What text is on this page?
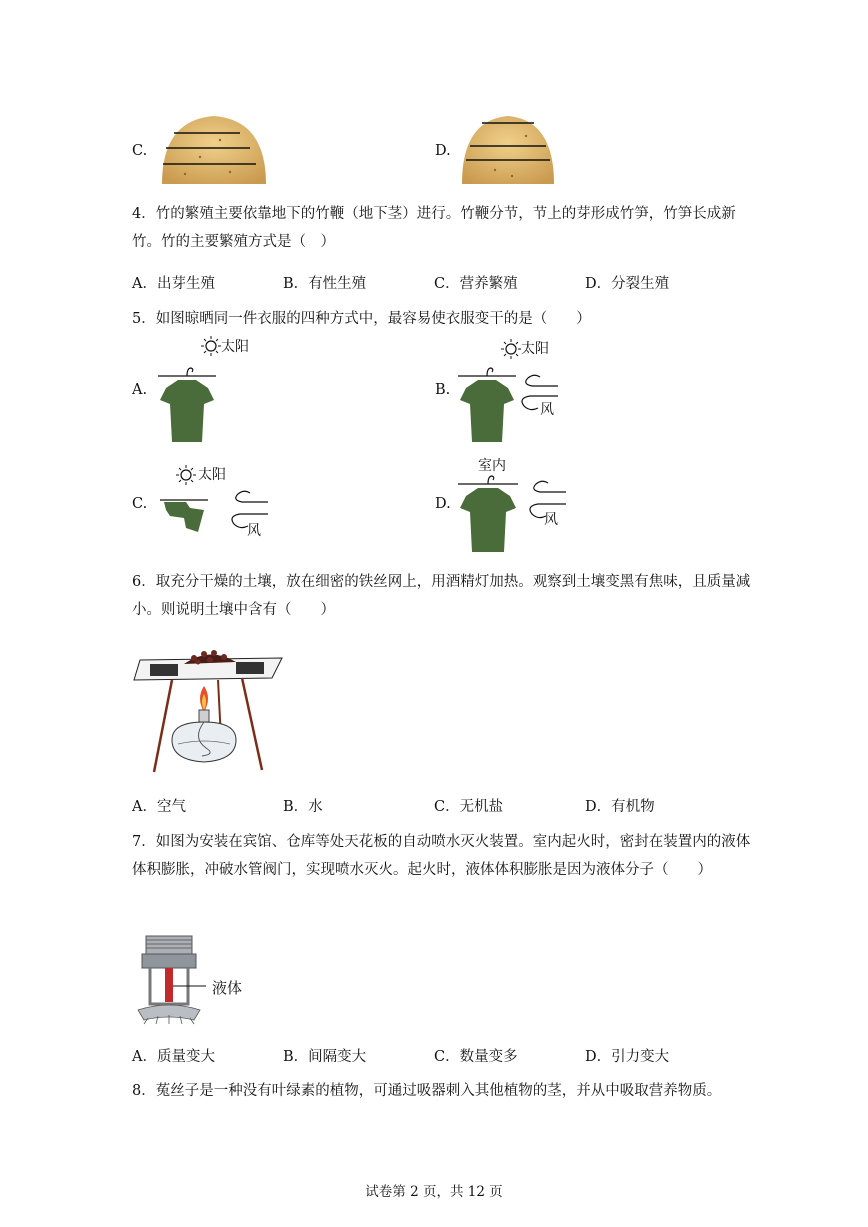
C.	D.
4．竹的繁殖主要依靠地下的竹鞭（地下茎）进行。竹鞭分节，节上的芽形成竹笋，竹笋长成新竹。竹的主要繁殖方式是（　）
A．出芽生殖	B．有性生殖	C．营养繁殖	D．分裂生殖
5．如图晾晒同一件衣服的四种方式中，最容易使衣服变干的是（　　）
A.
太阳
B.
太阳
风
C.
太阳
风
D.
室内
风
6．取充分干燥的土壤，放在细密的铁丝网上，用酒精灯加热。观察到土壤变黑有焦味，且质量减小。则说明土壤中含有（　　）
A．空气	B．水	C．无机盐	D．有机物
7．如图为安装在宾馆、仓库等处天花板的自动喷水灭火装置。室内起火时，密封在装置内的液体体积膨胀，冲破水管阀门，实现喷水灭火。起火时，液体体积膨胀是因为液体分子（　　）
液体
A．质量变大	B．间隔变大	C．数量变多	D．引力变大
8．菟丝子是一种没有叶绿素的植物，可通过吸器刺入其他植物的茎，并从中吸取营养物质。
试卷第 2 页，共 12 页
